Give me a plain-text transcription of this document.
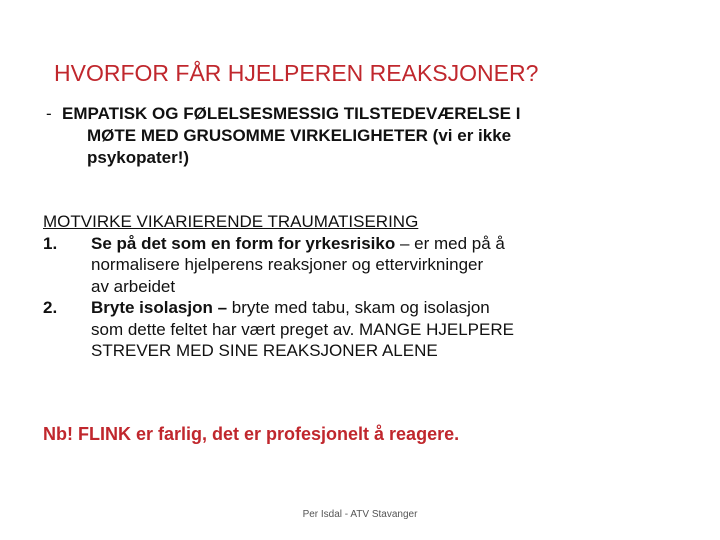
HVORFOR FÅR HJELPEREN REAKSJONER?
- EMPATISK OG FØLELSESMESSIG TILSTEDEVÆRELSE I
MØTE MED GRUSOMME VIRKELIGHETER (vi er ikke
psykopater!)
MOTVIRKE VIKARIERENDE TRAUMATISERING
1. Se på det som en form for yrkesrisiko – er med på å
normalisere hjelperens reaksjoner og ettervirkninger
av arbeidet
2. Bryte isolasjon – bryte med tabu, skam og isolasjon
som dette feltet har vært preget av. MANGE HJELPERE
STREVER MED SINE REAKSJONER ALENE
Nb! FLINK er farlig, det er profesjonelt å reagere.
Per Isdal - ATV Stavanger
